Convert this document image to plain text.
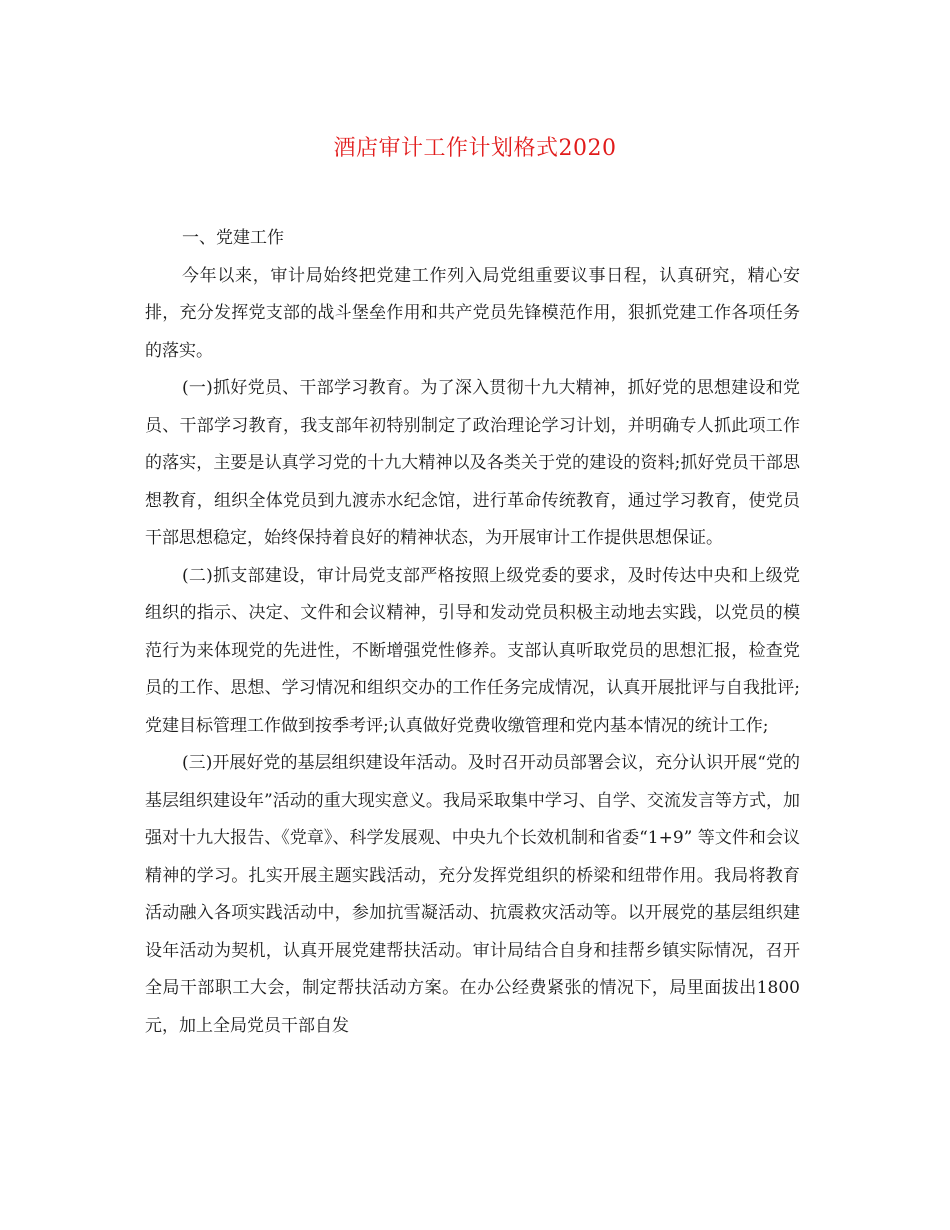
酒店审计工作计划格式2020

一、党建工作

今年以来，审计局始终把党建工作列入局党组重要议事日程，认真研究，精心安排，充分发挥党支部的战斗堡垒作用和共产党员先锋模范作用，狠抓党建工作各项任务的落实。

(一)抓好党员、干部学习教育。为了深入贯彻十九大精神，抓好党的思想建设和党员、干部学习教育，我支部年初特别制定了政治理论学习计划，并明确专人抓此项工作的落实，主要是认真学习党的十九大精神以及各类关于党的建设的资料;抓好党员干部思想教育，组织全体党员到九渡赤水纪念馆，进行革命传统教育，通过学习教育，使党员干部思想稳定，始终保持着良好的精神状态，为开展审计工作提供思想保证。

(二)抓支部建设，审计局党支部严格按照上级党委的要求，及时传达中央和上级党组织的指示、决定、文件和会议精神，引导和发动党员积极主动地去实践，以党员的模范行为来体现党的先进性，不断增强党性修养。支部认真听取党员的思想汇报，检查党员的工作、思想、学习情况和组织交办的工作任务完成情况，认真开展批评与自我批评;党建目标管理工作做到按季考评;认真做好党费收缴管理和党内基本情况的统计工作;

(三)开展好党的基层组织建设年活动。及时召开动员部署会议，充分认识开展“党的基层组织建设年”活动的重大现实意义。我局采取集中学习、自学、交流发言等方式，加强对十九大报告、《党章》、科学发展观、中央九个长效机制和省委“1+9” 等文件和会议精神的学习。扎实开展主题实践活动，充分发挥党组织的桥梁和纽带作用。我局将教育活动融入各项实践活动中，参加抗雪凝活动、抗震救灾活动等。以开展党的基层组织建设年活动为契机，认真开展党建帮扶活动。审计局结合自身和挂帮乡镇实际情况，召开全局干部职工大会，制定帮扶活动方案。在办公经费紧张的情况下，局里面拔出1800元，加上全局党员干部自发
